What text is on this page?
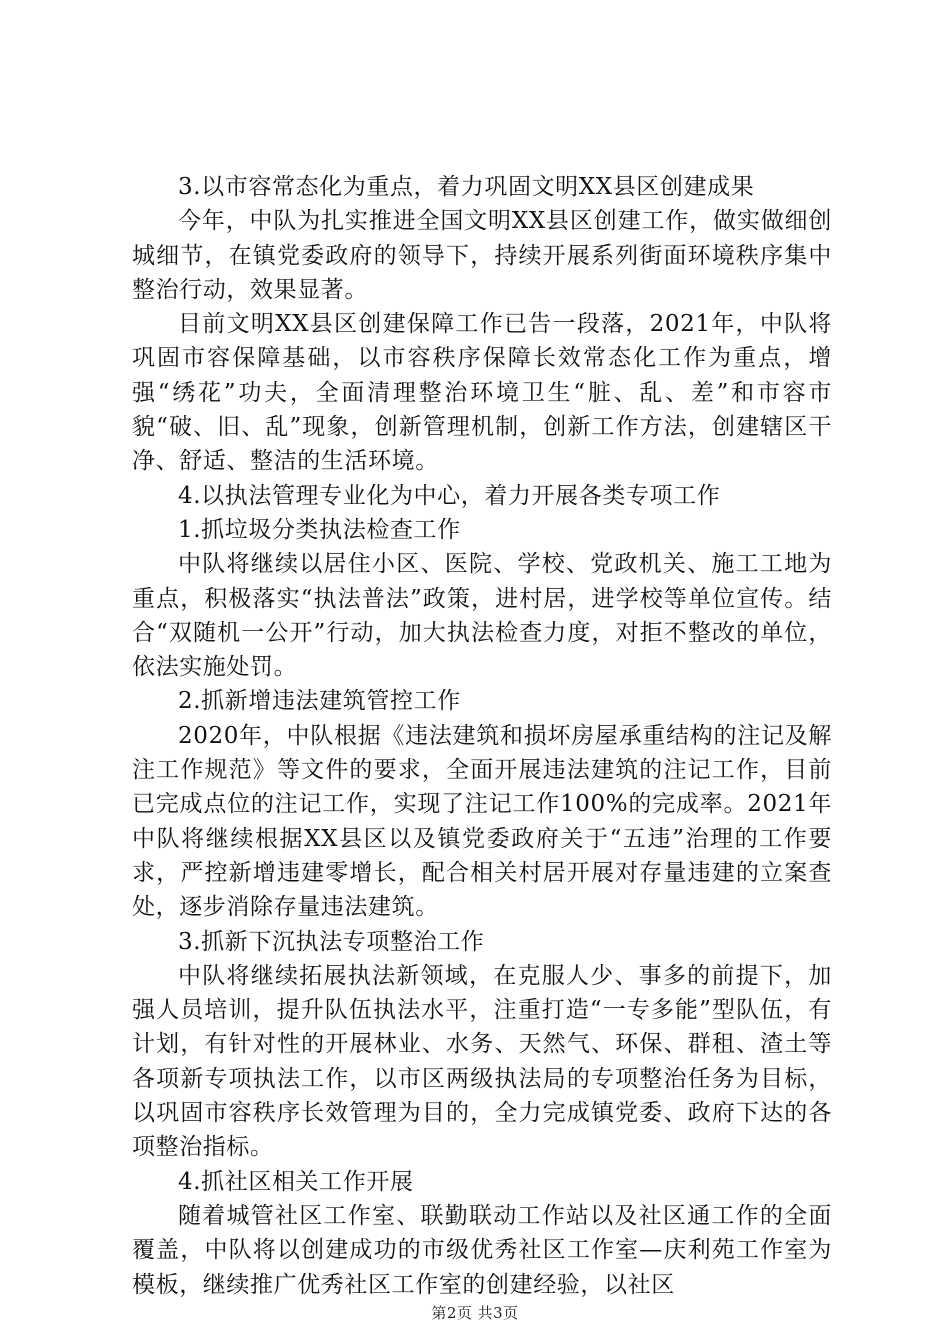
3.以市容常态化为重点，着力巩固文明XX县区创建成果

今年，中队为扎实推进全国文明XX县区创建工作，做实做细创城细节，在镇党委政府的领导下，持续开展系列街面环境秩序集中整治行动，效果显著。

目前文明XX县区创建保障工作已告一段落，2021年，中队将巩固市容保障基础，以市容秩序保障长效常态化工作为重点，增强“绣花”功夫，全面清理整治环境卫生“脏、乱、差”和市容市貌“破、旧、乱”现象，创新管理机制，创新工作方法，创建辖区干净、舒适、整洁的生活环境。

4.以执法管理专业化为中心，着力开展各类专项工作

1.抓垃圾分类执法检查工作

中队将继续以居住小区、医院、学校、党政机关、施工工地为重点，积极落实“执法普法”政策，进村居，进学校等单位宣传。结合“双随机一公开”行动，加大执法检查力度，对拒不整改的单位，依法实施处罚。

2.抓新增违法建筑管控工作

2020年，中队根据《违法建筑和损坏房屋承重结构的注记及解注工作规范》等文件的要求，全面开展违法建筑的注记工作，目前已完成点位的注记工作，实现了注记工作100%的完成率。2021年中队将继续根据XX县区以及镇党委政府关于“五违”治理的工作要求，严控新增违建零增长，配合相关村居开展对存量违建的立案查处，逐步消除存量违法建筑。

3.抓新下沉执法专项整治工作

中队将继续拓展执法新领域，在克服人少、事多的前提下，加强人员培训，提升队伍执法水平，注重打造“一专多能”型队伍，有计划，有针对性的开展林业、水务、天然气、环保、群租、渣土等各项新专项执法工作，以市区两级执法局的专项整治任务为目标，以巩固市容秩序长效管理为目的，全力完成镇党委、政府下达的各项整治指标。

4.抓社区相关工作开展

随着城管社区工作室、联勤联动工作站以及社区通工作的全面覆盖，中队将以创建成功的市级优秀社区工作室—庆利苑工作室为模板，继续推广优秀社区工作室的创建经验，以社区

第2页 共3页
